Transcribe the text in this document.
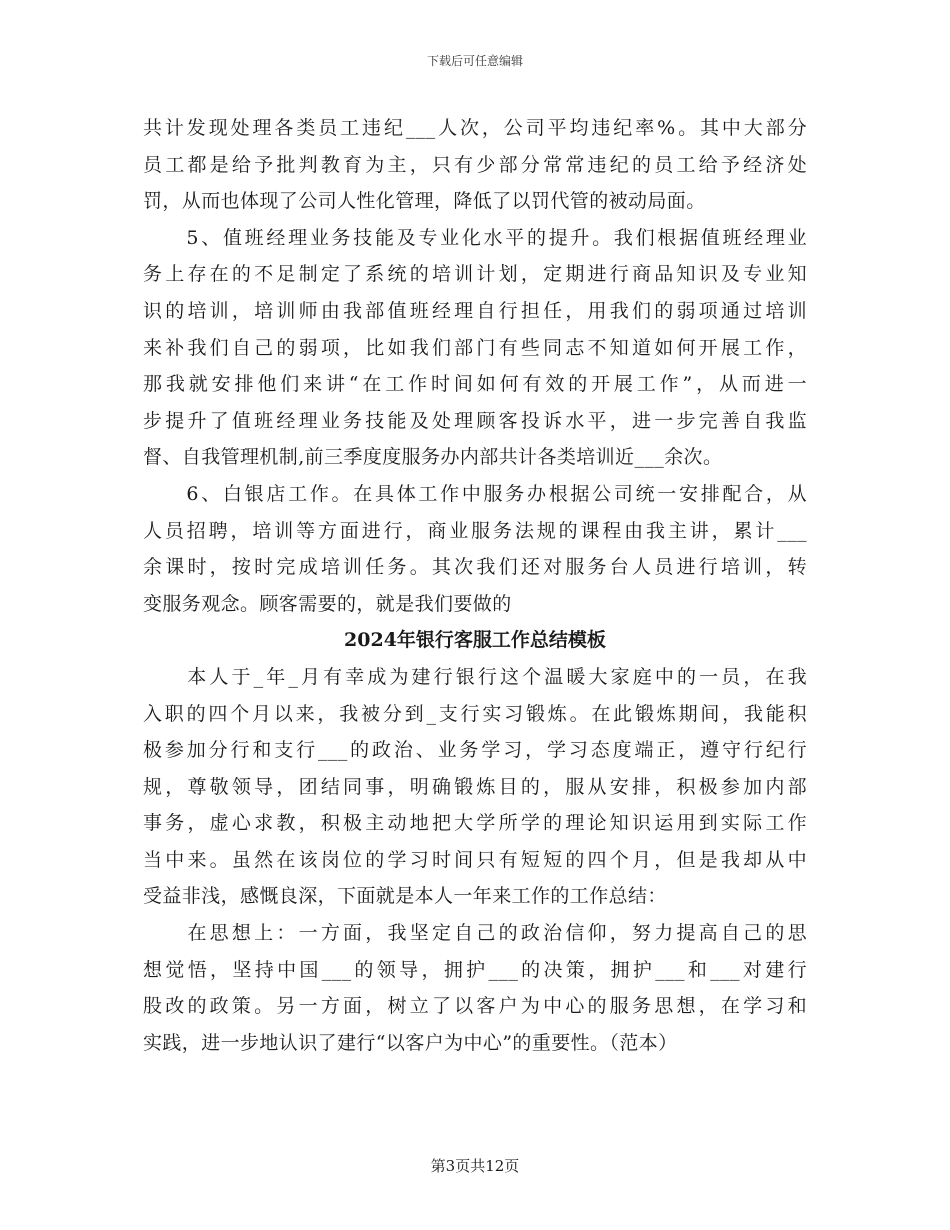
下载后可任意编辑
共计发现处理各类员工违纪___人次，公司平均违纪率%。其中大部分
员工都是给予批判教育为主，只有少部分常常违纪的员工给予经济处
罚，从而也体现了公司人性化管理，降低了以罚代管的被动局面。
　　5、值班经理业务技能及专业化水平的提升。我们根据值班经理业
务上存在的不足制定了系统的培训计划，定期进行商品知识及专业知
识的培训，培训师由我部值班经理自行担任，用我们的弱项通过培训
来补我们自己的弱项，比如我们部门有些同志不知道如何开展工作，
那我就安排他们来讲“在工作时间如何有效的开展工作”，从而进一
步提升了值班经理业务技能及处理顾客投诉水平，进一步完善自我监
督、自我管理机制,前三季度度服务办内部共计各类培训近___余次。
　　6、白银店工作。在具体工作中服务办根据公司统一安排配合，从
人员招聘，培训等方面进行，商业服务法规的课程由我主讲，累计___
余课时，按时完成培训任务。其次我们还对服务台人员进行培训，转
变服务观念。顾客需要的，就是我们要做的
2024年银行客服工作总结模板
　　本人于_年_月有幸成为建行银行这个温暖大家庭中的一员，在我
入职的四个月以来，我被分到_支行实习锻炼。在此锻炼期间，我能积
极参加分行和支行___的政治、业务学习，学习态度端正，遵守行纪行
规，尊敬领导，团结同事，明确锻炼目的，服从安排，积极参加内部
事务，虚心求教，积极主动地把大学所学的理论知识运用到实际工作
当中来。虽然在该岗位的学习时间只有短短的四个月，但是我却从中
受益非浅，感慨良深，下面就是本人一年来工作的工作总结：
　　在思想上：一方面，我坚定自己的政治信仰，努力提高自己的思
想觉悟，坚持中国___的领导，拥护___的决策，拥护___和___对建行
股改的政策。另一方面，树立了以客户为中心的服务思想，在学习和
实践，进一步地认识了建行“以客户为中心”的重要性。（范本）
第3页共12页
